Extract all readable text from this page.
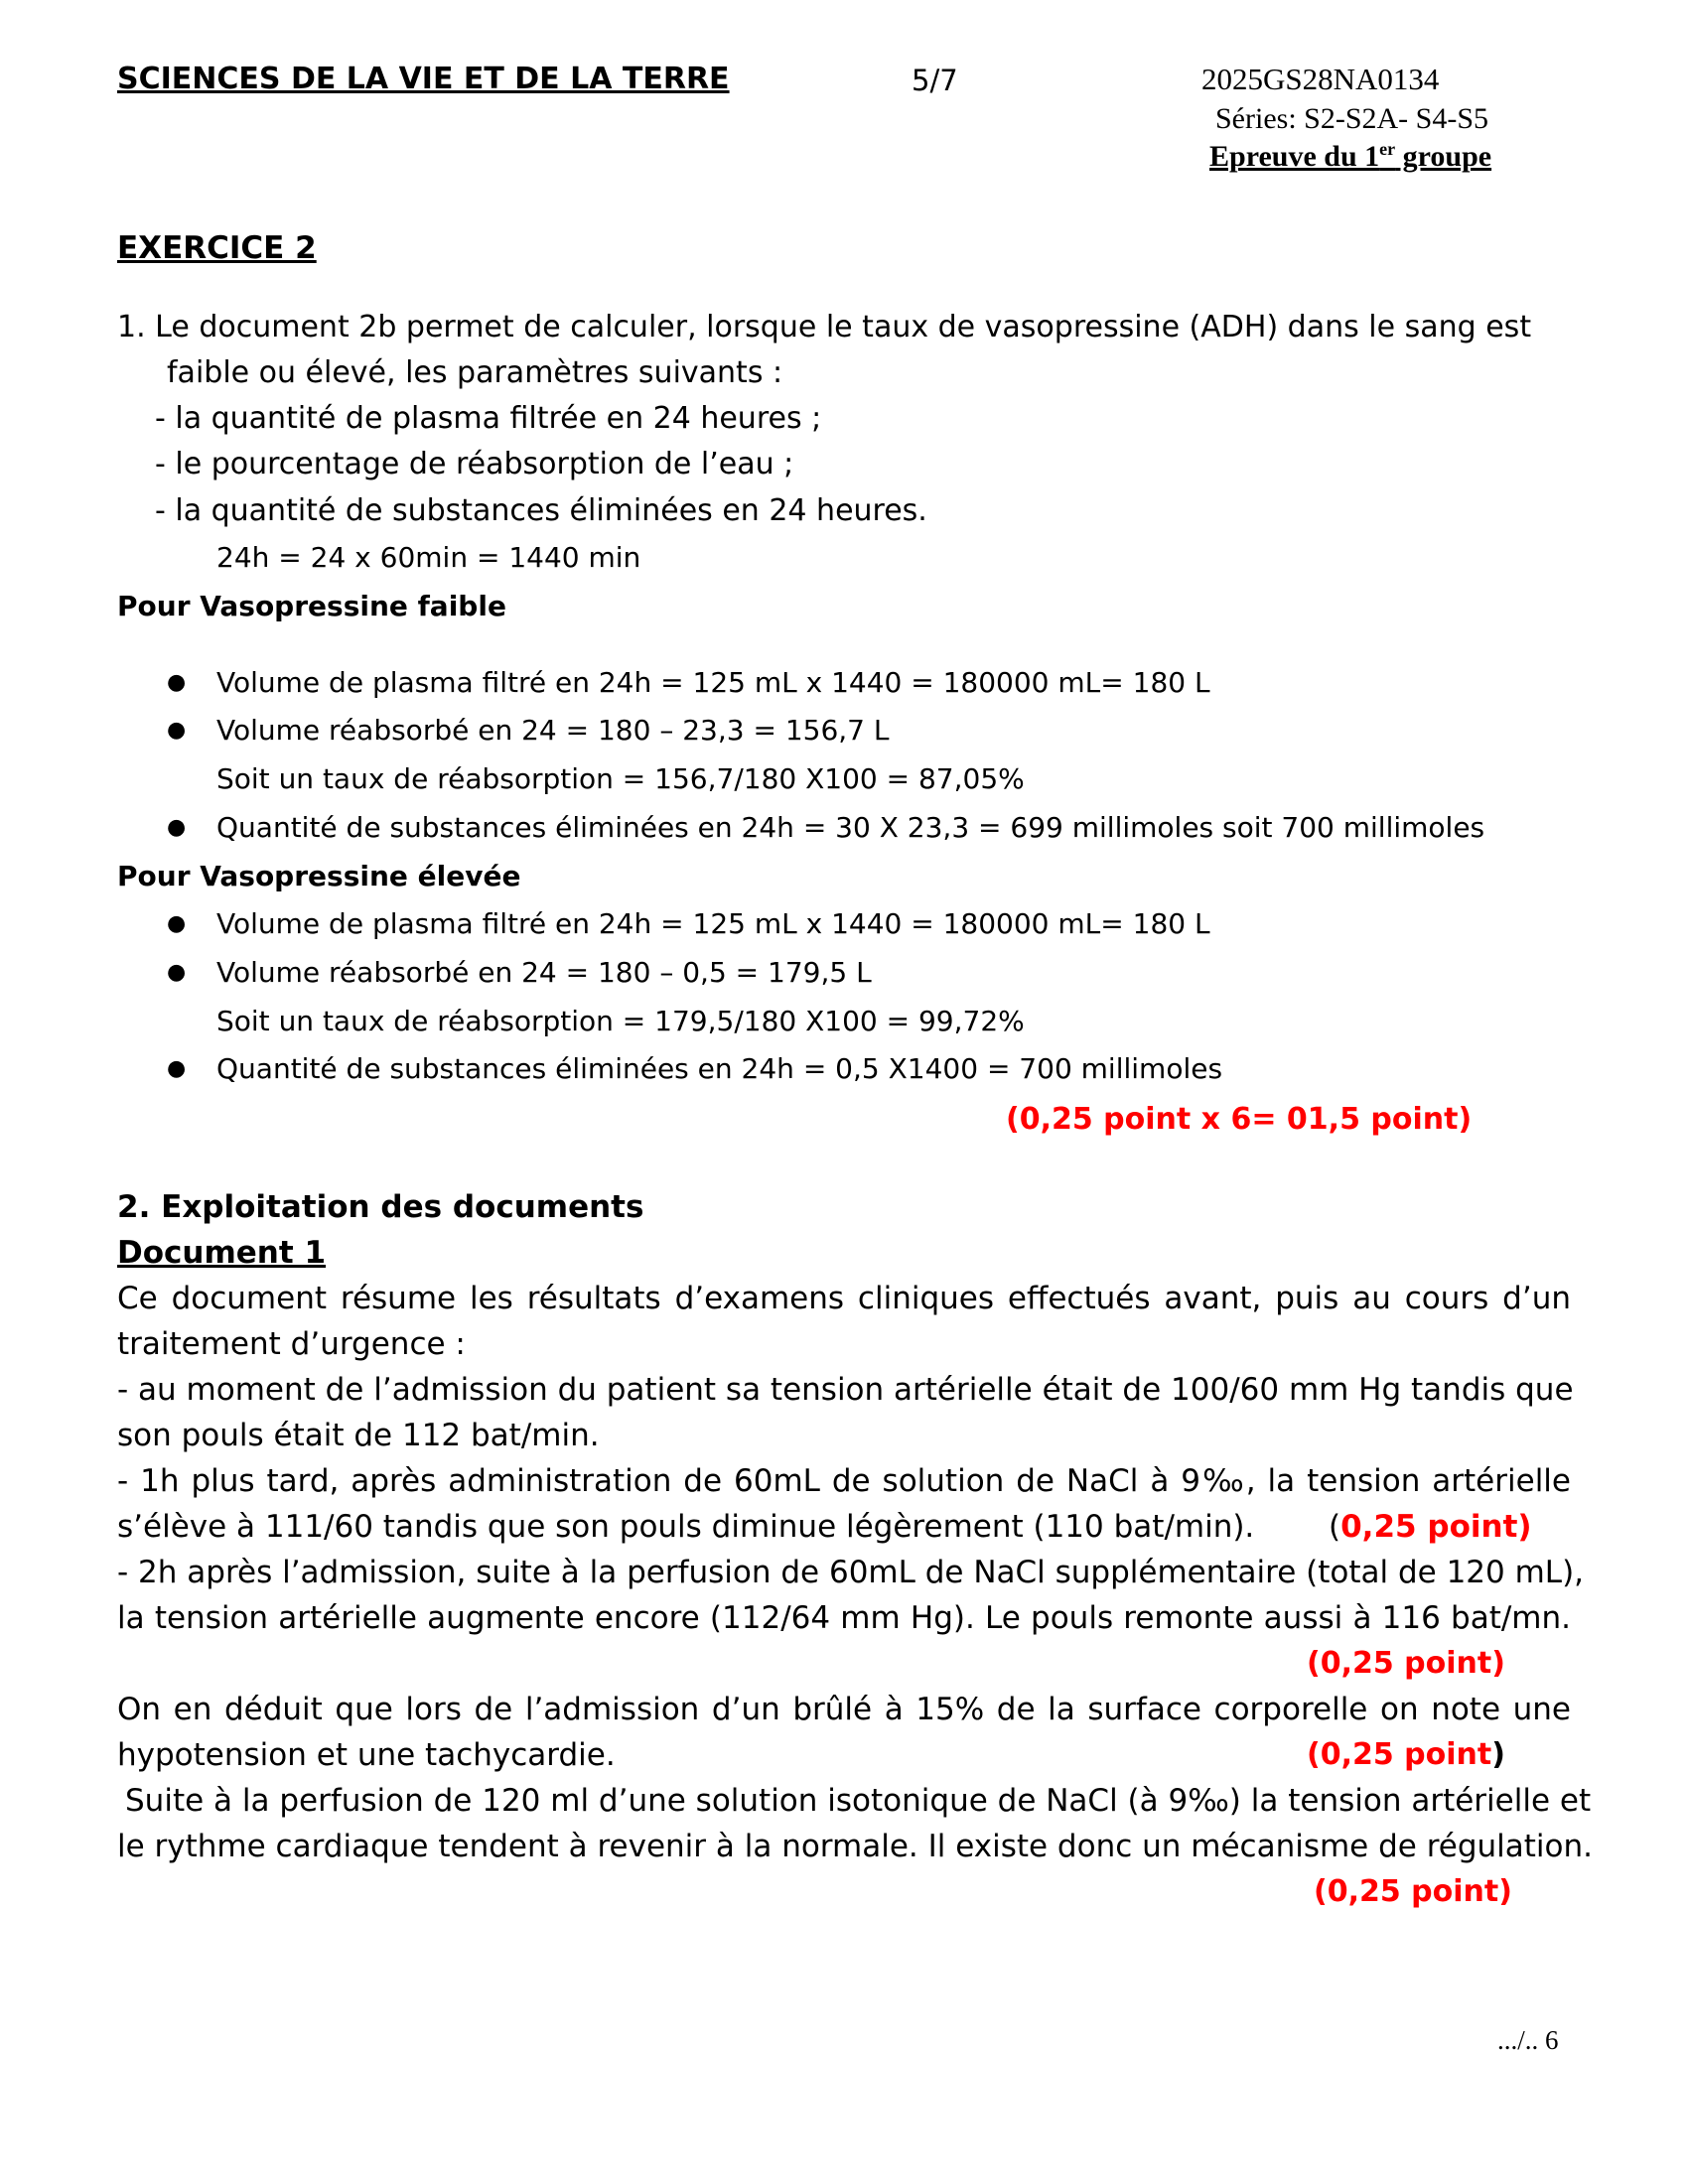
SCIENCES DE LA VIE ET DE LA TERRE	5/7	2025GS28NA0134
Séries: S2-S2A- S4-S5
Epreuve du 1er groupe
EXERCICE 2
1. Le document 2b permet de calculer, lorsque le taux de vasopressine (ADH) dans le sang est
faible ou élevé, les paramètres suivants :
- la quantité de plasma filtrée en 24 heures ;
- le pourcentage de réabsorption de l’eau ;
- la quantité de substances éliminées en 24 heures.
24h = 24 x 60min = 1440 min
Pour Vasopressine faible
● Volume de plasma filtré en 24h = 125 mL x 1440 = 180000 mL= 180 L
● Volume réabsorbé en 24 = 180 – 23,3 = 156,7 L
Soit un taux de réabsorption = 156,7/180 X100 = 87,05%
● Quantité de substances éliminées en 24h = 30 X 23,3 = 699 millimoles soit 700 millimoles
Pour Vasopressine élevée
● Volume de plasma filtré en 24h = 125 mL x 1440 = 180000 mL= 180 L
● Volume réabsorbé en 24 = 180 – 0,5 = 179,5 L
Soit un taux de réabsorption = 179,5/180 X100 = 99,72%
● Quantité de substances éliminées en 24h = 0,5 X1400 = 700 millimoles
(0,25 point x 6= 01,5 point)
2. Exploitation des documents
Document 1
Ce document résume les résultats d’examens cliniques effectués avant, puis au cours d’un
traitement d’urgence :
- au moment de l’admission du patient sa tension artérielle était de 100/60 mm Hg tandis que
son pouls était de 112 bat/min.
- 1h plus tard, après administration de 60mL de solution de NaCl à 9‰, la tension artérielle
s’élève à 111/60 tandis que son pouls diminue légèrement (110 bat/min). (0,25 point)
- 2h après l’admission, suite à la perfusion de 60mL de NaCl supplémentaire (total de 120 mL),
la tension artérielle augmente encore (112/64 mm Hg). Le pouls remonte aussi à 116 bat/mn.
(0,25 point)
On en déduit que lors de l’admission d’un brûlé à 15% de la surface corporelle on note une
hypotension et une tachycardie.	(0,25 point)
Suite à la perfusion de 120 ml d’une solution isotonique de NaCl (à 9‰) la tension artérielle et
le rythme cardiaque tendent à revenir à la normale. Il existe donc un mécanisme de régulation.
(0,25 point)
.../.. 6
